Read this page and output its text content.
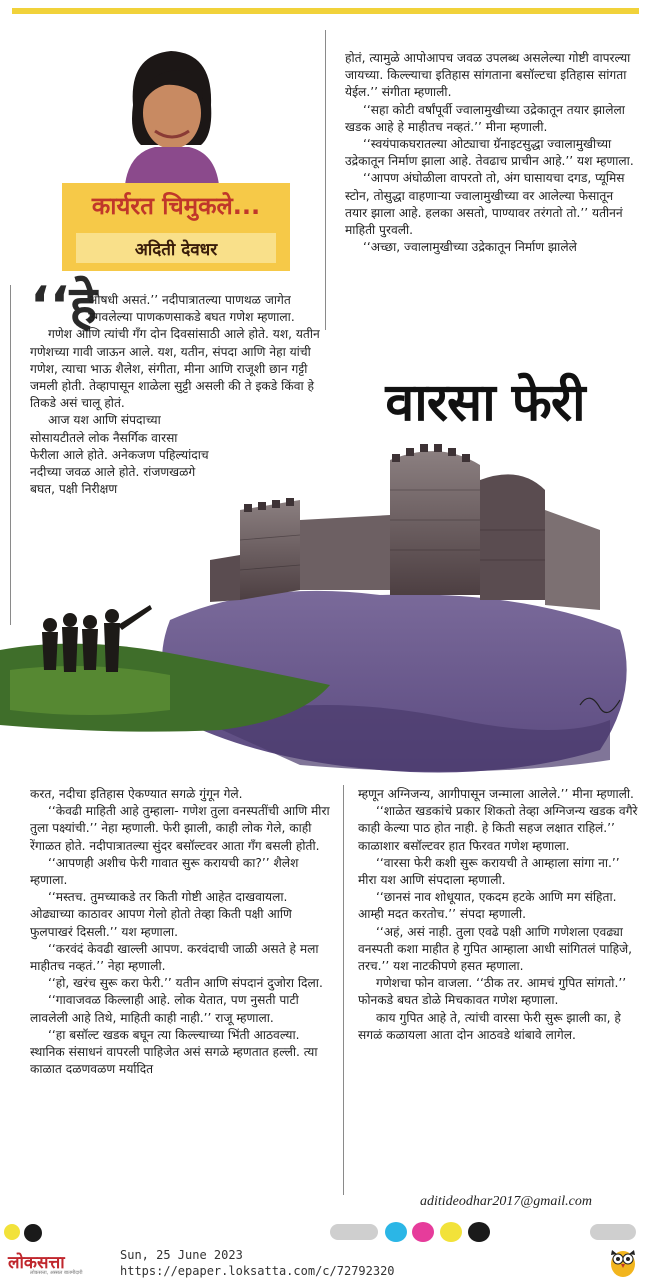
कार्यरत चिमुकले...
अदिती देवधर
‘‘हे

औषधी असतं.’’ नदीपात्रातल्या पाणथळ जागेत उगवलेल्या पाणकणसाकडे बघत गणेश म्हणाला.

गणेश आणि त्यांची गँग दोन दिवसांसाठी आले होते. यश, यतीन गणेशच्या गावी जाऊन आले. यश, यतीन, संपदा आणि नेहा यांची गणेश, त्याचा भाऊ शैलेश, संगीता, मीना आणि राजूशी छान गट्टी जमली होती. तेव्हापासून शाळेला सुट्टी असली की ते इकडे किंवा हे तिकडे असं चालू होतं.

आज यश आणि संपदाच्या सोसायटीतले लोक नैसर्गिक वारसा फेरीला आले होते. अनेकजण पहिल्यांदाच नदीच्या जवळ आले होते. रांजणखळगे बघत, पक्षी निरीक्षण

होतं, त्यामुळे आपोआपच जवळ उपलब्ध असलेल्या गोष्टी वापरल्या जायच्या. किल्ल्याचा इतिहास सांगताना बसॉल्टचा इतिहास सांगता येईल.’’ संगीता म्हणाली.

‘‘सहा कोटी वर्षांपूर्वी ज्वालामुखीच्या उद्रेकातून तयार झालेला खडक आहे हे माहीतच नव्हतं.’’ मीना म्हणाली.

‘‘स्वयंपाकघरातल्या ओट्याचा ग्रॅनाइटसुद्धा ज्वालामुखीच्या उद्रेकातून निर्माण झाला आहे. तेवढाच प्राचीन आहे.’’ यश म्हणाला.

‘‘आपण अंघोळीला वापरतो तो, अंग घासायचा दगड, प्यूमिस स्टोन, तोसुद्धा वाहणाऱ्या ज्वालामुखीच्या वर आलेल्या फेसातून तयार झाला आहे. हलका असतो, पाण्यावर तरंगतो तो.’’ यतीननं माहिती पुरवली.

‘‘अच्छा, ज्वालामुखीच्या उद्रेकातून निर्माण झालेले

वारसा फेरी

करत, नदीचा इतिहास ऐकण्यात सगळे गुंगून गेले.

‘‘केवढी माहिती आहे तुम्हाला- गणेश तुला वनस्पतींची आणि मीरा तुला पक्ष्यांची.’’ नेहा म्हणाली. फेरी झाली, काही लोक गेले, काही रेंगाळत होते. नदीपात्रातल्या सुंदर बसॉल्टवर आता गँग बसली होती.

‘‘आपणही अशीच फेरी गावात सुरू करायची का?’’ शैलेश म्हणाला.

‘‘मस्तच. तुमच्याकडे तर किती गोष्टी आहेत दाखवायला. ओढ्याच्या काठावर आपण गेलो होतो तेव्हा किती पक्षी आणि फुलपाखरं दिसली.’’ यश म्हणाला.

‘‘करवंदं केवढी खाल्ली आपण. करवंदाची जाळी असते हे मला माहीतच नव्हतं.’’ नेहा म्हणाली.

‘‘हो, खरंच सुरू करा फेरी.’’ यतीन आणि संपदानं दुजोरा दिला.

‘‘गावाजवळ किल्लाही आहे. लोक येतात, पण नुसती पाटी लावलेली आहे तिथे, माहिती काही नाही.’’ राजू म्हणाला.

‘‘हा बसॉल्ट खडक बघून त्या किल्ल्याच्या भिंती आठवल्या. स्थानिक संसाधनं वापरली पाहिजेत असं सगळे म्हणतात हल्ली. त्या काळात दळणवळण मर्यादित

म्हणून अग्निजन्य, आगीपासून जन्माला आलेले.’’ मीना म्हणाली.

‘‘शाळेत खडकांचे प्रकार शिकतो तेव्हा अग्निजन्य खडक वगैरे काही केल्या पाठ होत नाही. हे किती सहज लक्षात राहिलं.’’ काळाशार बसॉल्टवर हात फिरवत गणेश म्हणाला.

‘‘वारसा फेरी कशी सुरू करायची ते आम्हाला सांगा ना.’’ मीरा यश आणि संपदाला म्हणाली.

‘‘छानसं नाव शोधूयात, एकदम हटके आणि मग संहिता. आम्ही मदत करतोच.’’ संपदा म्हणाली.

‘‘अहं, असं नाही. तुला एवढे पक्षी आणि गणेशला एवढ्या वनस्पती कशा माहीत हे गुपित आम्हाला आधी सांगितलं पाहिजे, तरच.’’ यश नाटकीपणे हसत म्हणाला.

गणेशचा फोन वाजला. ‘‘ठीक तर. आमचं गुपित सांगतो.’’ फोनकडे बघत डोळे मिचकावत गणेश म्हणाला.

काय गुपित आहे ते, त्यांची वारसा फेरी सुरू झाली का, हे सगळं कळायला आता दोन आठवडे थांबावे लागेल.

aditideodhar2017@gmail.com
लोकसत्ता
लोकसत्ता, अस्सल बातमीदारी
Sun, 25 June 2023
https://epaper.loksatta.com/c/72792320
